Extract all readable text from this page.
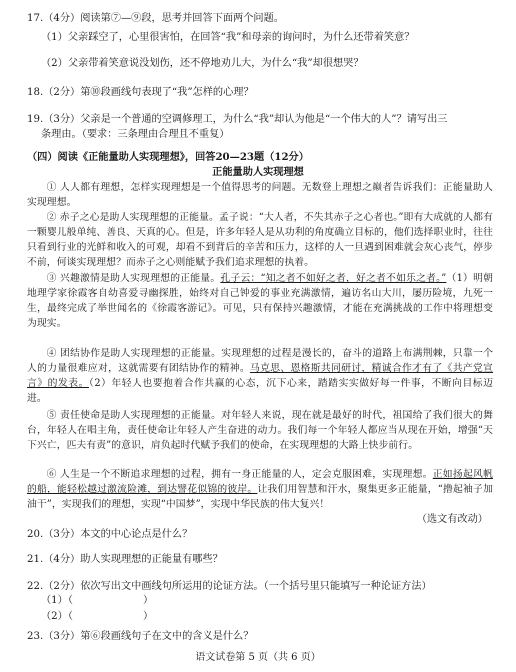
17.（4分）阅读第⑦—⑨段，思考并回答下面两个问题。

（1）父亲踩空了，心里很害怕，在回答“我”和母亲的询问时，为什么还带着笑意？

（2）父亲带着笑意说没划伤，还不停地劝儿大，为什么“我”却很想哭？

18.（2分）第⑩段画线句表现了“我”怎样的心理？

19.（3分）父亲是一个普通的空调修理工，为什么“我”却认为他是“一个伟大的人”？请写出三

条理由。（要求：三条理由合理且不重复）

（四）阅读《正能量助人实现理想》，回答20—23题（12分）

正能量助人实现理想

① 人人都有理想，怎样实现理想是一个值得思考的问题。无数登上理想之巅者告诉我们：正能量助人实现理想。

② 赤子之心是助人实现理想的正能量。孟子说：“大人者，不失其赤子之心者也。”即有大成就的人都有一颗婴儿般单纯、善良、天真的心。但是，许多年轻人是从功利的角度确立目标的，他们选择职业时，往往只看到行业的光鲜和收入的可观，却看不到背后的辛苦和压力，这样的人一旦遇到困难就会灰心丧气，停步不前，何谈实现理想？而赤子之心则能赋予我们追求理想的执着。

③ 兴趣激情是助人实现理想的正能量。孔子云：“知之者不如好之者，好之者不如乐之者。”（1）明朝地理学家徐霞客自幼喜爱寻幽探胜，始终对自己钟爱的事业充满激情，遍访名山大川，屡历险境，九死一生，最终完成了举世闻名的《徐霞客游记》。可见，只有保持兴趣激情，才能在充满挑战的工作中将理想变为现实。

④ 团结协作是助人实现理想的正能量。实现理想的过程是漫长的，奋斗的道路上布满荆棘，只靠一个人的力量很难应对，这就需要有团结协作的精神。马克思、恩格斯共同研讨，精诚合作才有了《共产党宣言》的发表。（2）年轻人也要抱着合作共赢的心态，沉下心来，踏踏实实做好每一件事，不断向目标迈进。

⑤ 责任使命是助人实现理想的正能量。对年轻人来说，现在就是最好的时代，祖国给了我们很大的舞台，年轻人在唱主角，责任使命让年轻人产生奋进的动力。我们每一个年轻人都应当从现在开始，增强“天下兴亡，匹夫有责”的意识，肩负起时代赋予我们的使命，在实现理想的大路上快步前行。

⑥ 人生是一个不断追求理想的过程，拥有一身正能量的人，定会克服困难，实现理想。正如扬起风帆的船，能轻松越过激流险滩，到达譬花似锦的彼岸。让我们用智慧和汗水，聚集更多正能量，“撸起袖子加油干”，实现我们的理想，实现“中国梦”，实现中华民族的伟大复兴！

（选文有改动）

20.（3分）本文的中心论点是什么？

21.（4分）助人实现理想的正能量有哪些？

22.（2分）依次写出文中画线句所运用的论证方法。（一个括号里只能填写一种论证方法）

（1）（	）

（2）（	）

23.（3分）第⑥段画线句子在文中的含义是什么？

语文试卷第 5 页（共 6 页）
